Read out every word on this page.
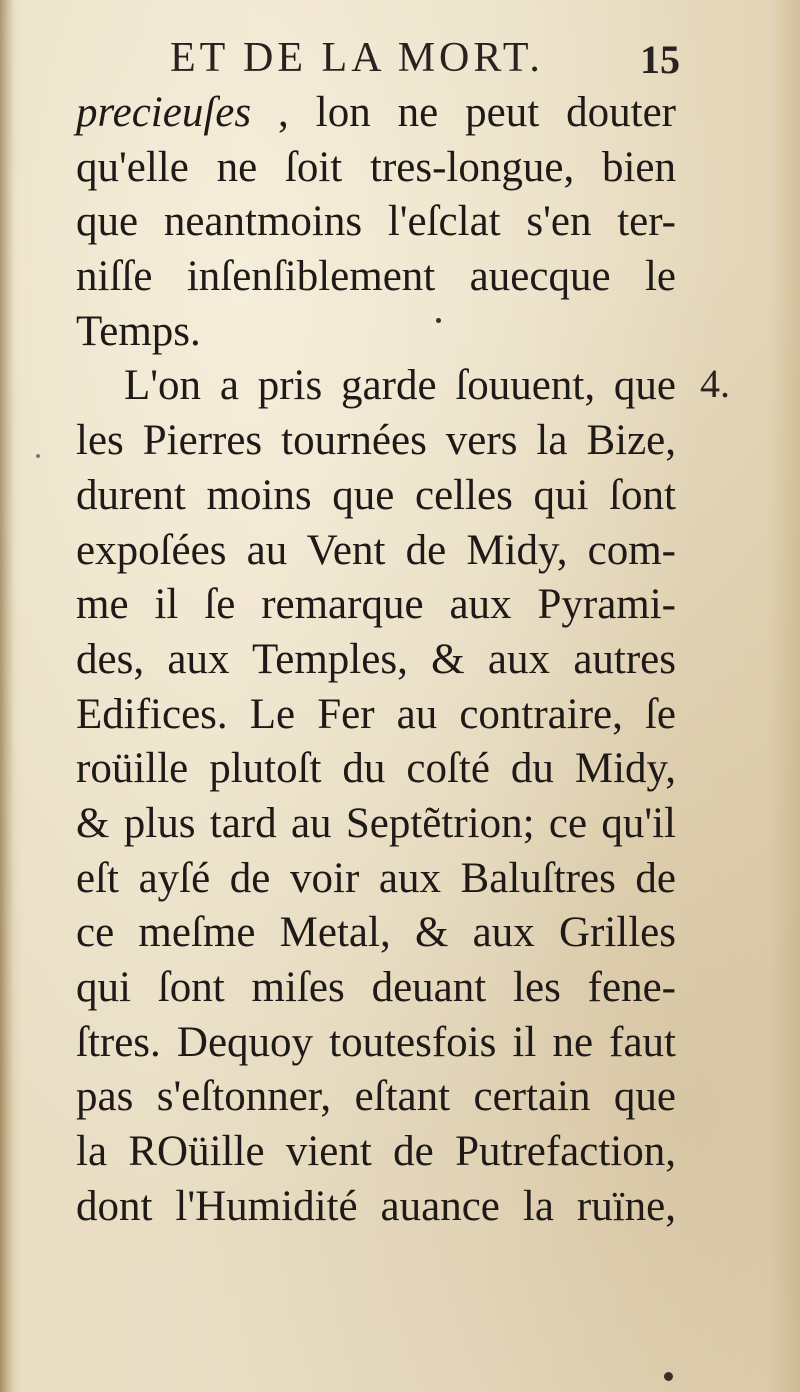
ET DE LA MORT. 15
4.
precieuſes , lon ne peut douter
qu'elle ne ſoit tres-longue, bien
que neantmoins l'eſclat s'en ter-
niſſe inſenſiblement auecque le
Temps.
L'on a pris garde ſouuent, que
les Pierres tournées vers la Bize,
durent moins que celles qui ſont
expoſées au Vent de Midy, com-
me il ſe remarque aux Pyrami-
des, aux Temples, & aux autres
Edifices. Le Fer au contraire, ſe
roüille plutoſt du coſté du Midy,
& plus tard au Septẽtrion; ce qu'il
eſt ayſé de voir aux Baluſtres de
ce meſme Metal, & aux Grilles
qui ſont miſes deuant les fene-
ſtres. Dequoy toutesfois il ne faut
pas s'eſtonner, eſtant certain que
la ROüille vient de Putrefaction,
dont l'Humidité auance la ruïne,
